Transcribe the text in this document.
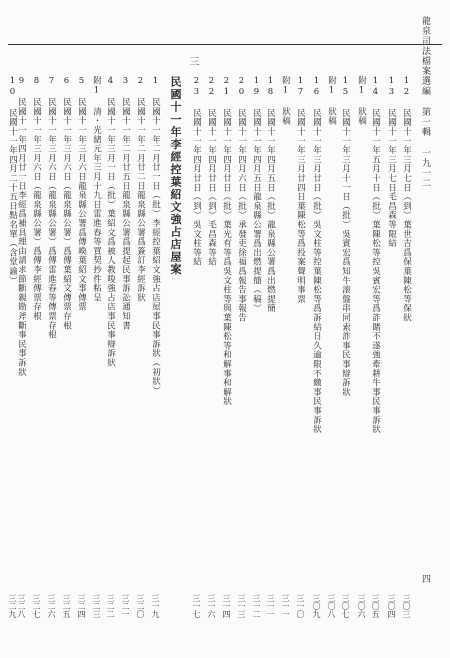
龍泉司法檔案選編 第一輯 一九一二
12 民國十一年三月七日（到）葉世吉爲保葉陳松等保狀
三〇三
13 民國十一年三月七日毛昌森等限結
三〇四
14 民國十一年五月十日（批）葉陳松等控吳賓宏等爲詐賭不遂強牽耕牛事民事訴狀
三〇五
附1 狀稿
三〇六
15 民國十一年三月十一日（批）吳賓宏爲知牛滚盤串同索詐事民事辯訴狀
三〇七
附1 狀稿
三〇八
16 民國十一年三月廿日（批）吳文柱等控葉陳松等爲訴結日久逾限不繳事民事訴狀
三〇九
17 民國十一年三月廿四日葉陳松等爲投案聲明事票
三一〇
附1 狀稿
三一一
18 民國十一年四月五日（批）龍泉縣公署爲出燃提簡
三一一
19 民國十一年四月五日龍泉縣公署爲出燃提簡（稿）
三一二
20 民國十一年四月六日（批）承發吏徐福爲報告事報告
三一三
21 民國十一年四月廿日（批）葉光有等爲吳文柱等與葉陳松等和解事和解狀
三一四
22 民國十一年四月廿日（到）毛昌森等結
三一六
23 民國十一年四月廿日（到）吳文柱等結
三一七
1 民國十一年二月廿一日（批）李經控葉紹文強占店屋事民事訴狀（初狀）
三一九
2 民國十一年二月廿二日龍泉縣公署爲簽訂李經訴狀
三二〇
3 民國十一年二月廿五日龍泉縣公署爲提起民事訴訟通知書
三二一
4 民國十一年三月一日（批）葉紹文爲被人教唆強占店事民事辯訴狀
三二二
附1 清・光緒元年三月十九日雷進春等買契抄件粘呈
三二三
5 民國十一年三月六日龍泉縣公署爲傳喚葉紹文事傳票
三二四
6 民國十一年三月六日（龍泉縣公署）爲傳葉紹文傳票存根
三二五
7 民國十一年三月六日（龍泉縣公署）爲傳雷進春等傳票存根
三二六
8 民國十一年三月六日（龍泉縣公署）爲傳李經傳票存根
三二七
9 民國十一年四月廿一日李經爲補具理由請求節斷親勘斧斷事民事訴狀
三二八
10 民國十一年四月二十五日點名單（含堂諭）
三二九
三
民國十一年李經控葉紹文強占店屋案
四
